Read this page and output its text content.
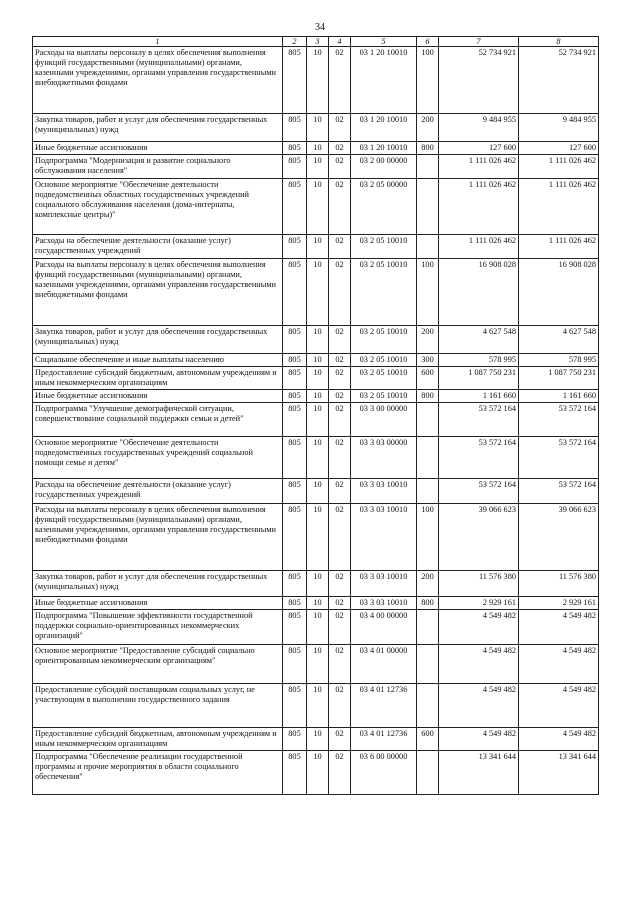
34
1	2	3	4	5	6	7	8
Расходы на выплаты персоналу в целях обеспечения выполнения функций государственными (муниципальными) органами, казенными учреждениями, органами управления государственными внебюджетными фондами	805	10	02	03 1 20 10010	100	52 734 921	52 734 921
Закупка товаров, работ и услуг для обеспечения государственных (муниципальных) нужд	805	10	02	03 1 20 10010	200	9 484 955	9 484 955
Иные бюджетные ассигнования	805	10	02	03 1 20 10010	800	127 600	127 600
Подпрограмма "Модернизация и развитие социального обслуживания населения"	805	10	02	03 2 00 00000		1 111 026 462	1 111 026 462
Основное мероприятие "Обеспечение деятельности подведомственных областных государственных учреждений социального обслуживания населения (дома-интернаты, комплексные центры)"	805	10	02	03 2 05 00000		1 111 026 462	1 111 026 462
Расходы на обеспечение деятельности (оказание услуг) государственных учреждений	805	10	02	03 2 05 10010		1 111 026 462	1 111 026 462
Расходы на выплаты персоналу в целях обеспечения выполнения функций государственными (муниципальными) органами, казенными учреждениями, органами управления государственными внебюджетными фондами	805	10	02	03 2 05 10010	100	16 908 028	16 908 028
Закупка товаров, работ и услуг для обеспечения государственных (муниципальных) нужд	805	10	02	03 2 05 10010	200	4 627 548	4 627 548
Социальное обеспечение и иные выплаты населению	805	10	02	03 2 05 10010	300	578 995	578 995
Предоставление субсидий бюджетным, автономным учреждениям и иным некоммерческим организациям	805	10	02	03 2 05 10010	600	1 087 750 231	1 087 750 231
Иные бюджетные ассигнования	805	10	02	03 2 05 10010	800	1 161 660	1 161 660
Подпрограмма "Улучшение демографической ситуации, совершенствование социальной поддержки семьи и детей"	805	10	02	03 3 00 00000		53 572 164	53 572 164
Основное мероприятие "Обеспечение деятельности подведомственных государственных учреждений социальной помощи семье и детям"	805	10	02	03 3 03 00000		53 572 164	53 572 164
Расходы на обеспечение деятельности (оказание услуг) государственных учреждений	805	10	02	03 3 03 10010		53 572 164	53 572 164
Расходы на выплаты персоналу в целях обеспечения выполнения функций государственными (муниципальными) органами, казенными учреждениями, органами управления государственными внебюджетными фондами	805	10	02	03 3 03 10010	100	39 066 623	39 066 623
Закупка товаров, работ и услуг для обеспечения государственных (муниципальных) нужд	805	10	02	03 3 03 10010	200	11 576 380	11 576 380
Иные бюджетные ассигнования	805	10	02	03 3 03 10010	800	2 929 161	2 929 161
Подпрограмма "Повышение эффективности государственной поддержки социально-ориентированных некоммерческих организаций"	805	10	02	03 4 00 00000		4 549 482	4 549 482
Основное мероприятие "Предоставление субсидий социально ориентированным некоммерческим организациям"	805	10	02	03 4 01 00000		4 549 482	4 549 482
Предоставление субсидий поставщикам социальных услуг, не участвующим в выполнении государственного задания	805	10	02	03 4 01 12736		4 549 482	4 549 482
Предоставление субсидий бюджетным, автономным учреждениям и иным некоммерческим организациям	805	10	02	03 4 01 12736	600	4 549 482	4 549 482
Подпрограмма "Обеспечение реализации государственной программы и прочие мероприятия в области социального обеспечения"	805	10	02	03 6 00 00000		13 341 644	13 341 644
